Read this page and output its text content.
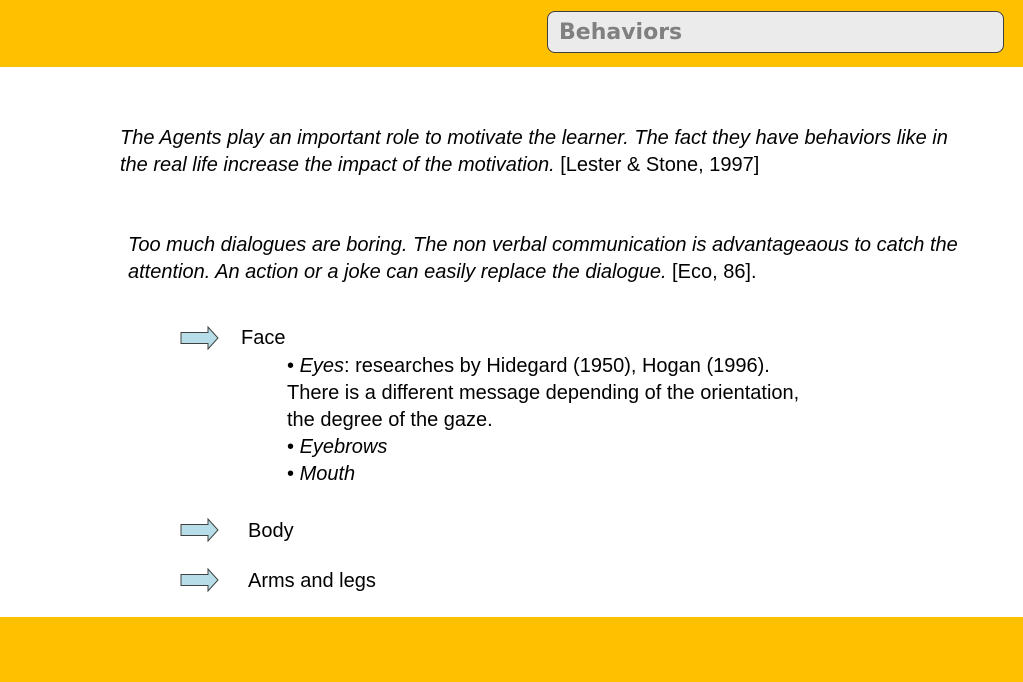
Behaviors
The Agents play an important role to motivate the learner. The fact they have behaviors like in the real life increase the impact of the motivation. [Lester & Stone, 1997]
Too much dialogues are boring. The non verbal communication is advantageaous to catch the attention. An action or a joke can easily replace the dialogue. [Eco, 86].
Face
• Eyes: researches by Hidegard (1950), Hogan (1996). There is a different message depending of the orientation, the degree of the gaze.
• Eyebrows
• Mouth
Body
Arms and legs
